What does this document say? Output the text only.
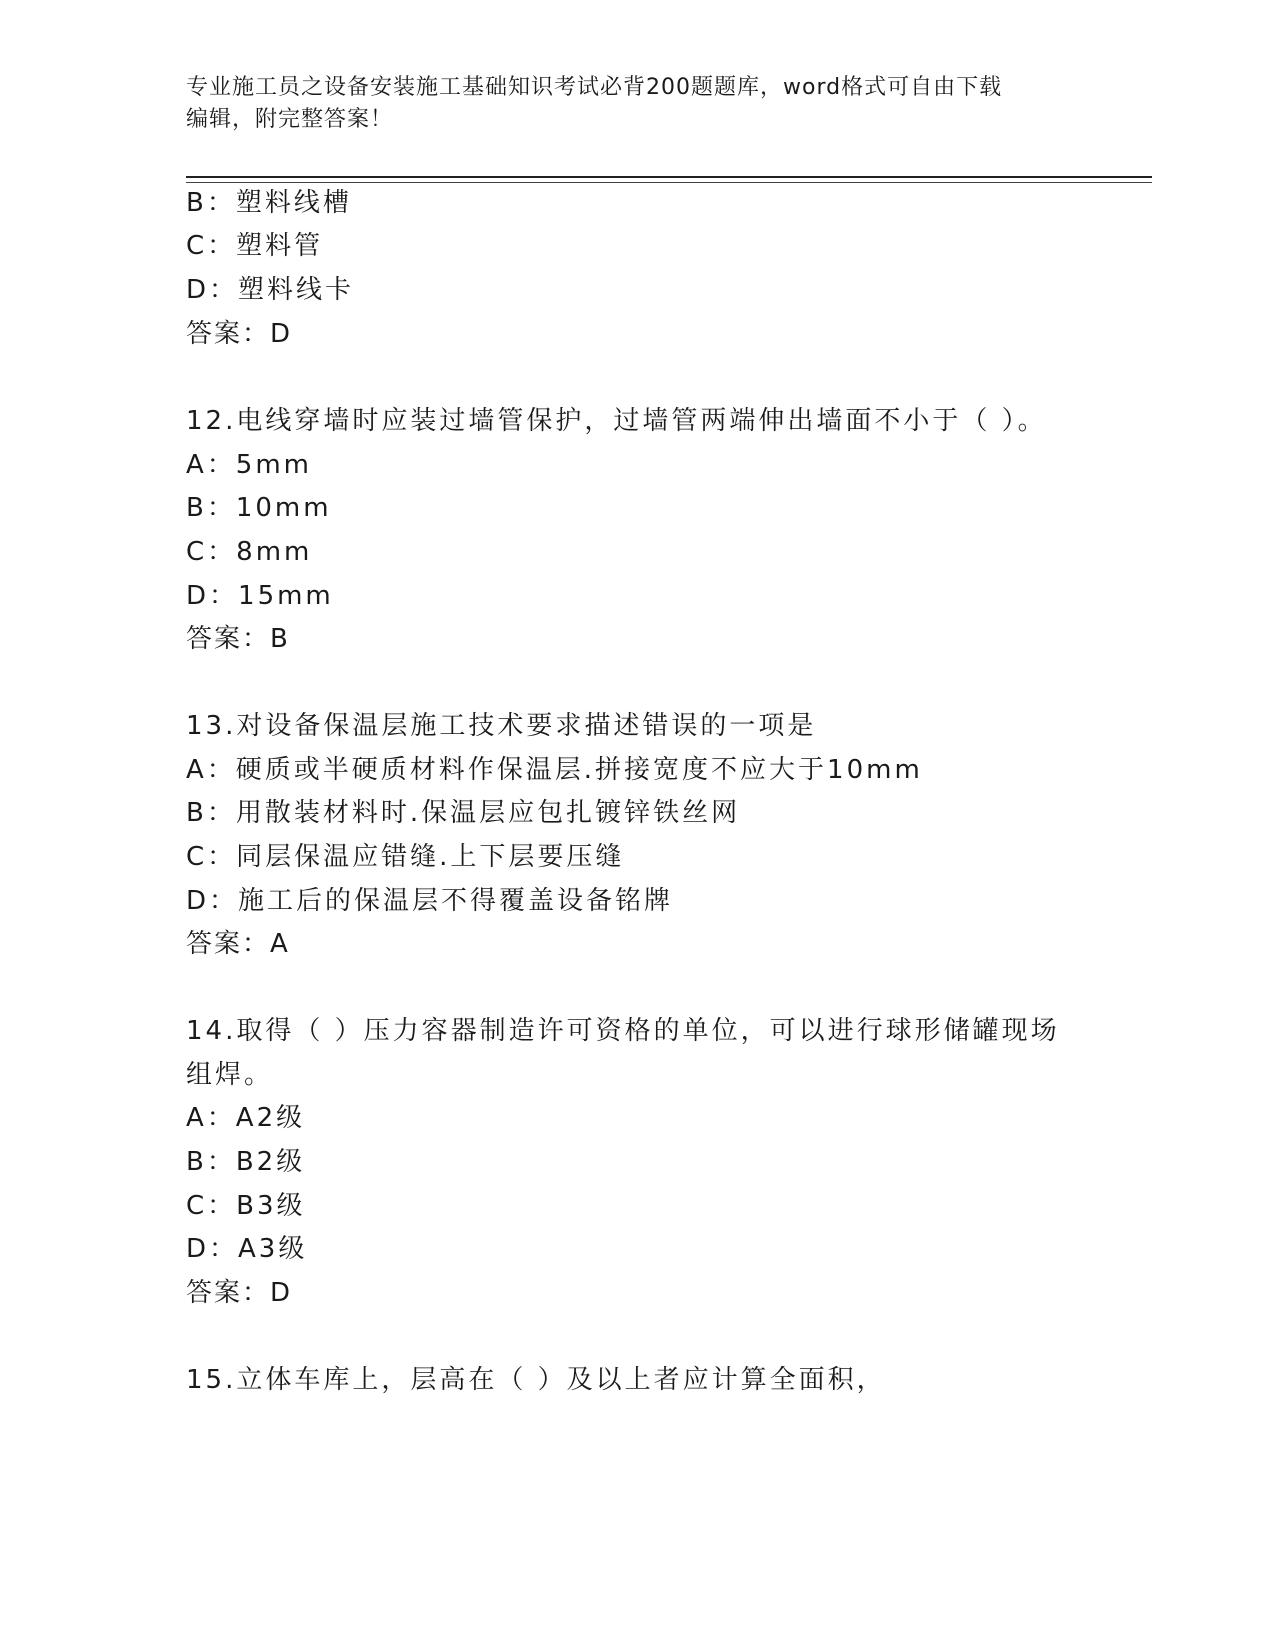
专业施工员之设备安装施工基础知识考试必背200题题库，word格式可自由下载
编辑，附完整答案！
B：塑料线槽
C：塑料管
D：塑料线卡
答案：D
12.电线穿墙时应装过墙管保护，过墙管两端伸出墙面不小于（ ）。
A：5mm
B：10mm
C：8mm
D：15mm
答案：B
13.对设备保温层施工技术要求描述错误的一项是
A：硬质或半硬质材料作保温层.拼接宽度不应大于10mm
B：用散装材料时.保温层应包扎镀锌铁丝网
C：同层保温应错缝.上下层要压缝
D：施工后的保温层不得覆盖设备铭牌
答案：A
14.取得（ ）压力容器制造许可资格的单位，可以进行球形储罐现场
组焊。
A：A2级
B：B2级
C：B3级
D：A3级
答案：D
15.立体车库上，层高在（ ）及以上者应计算全面积，
